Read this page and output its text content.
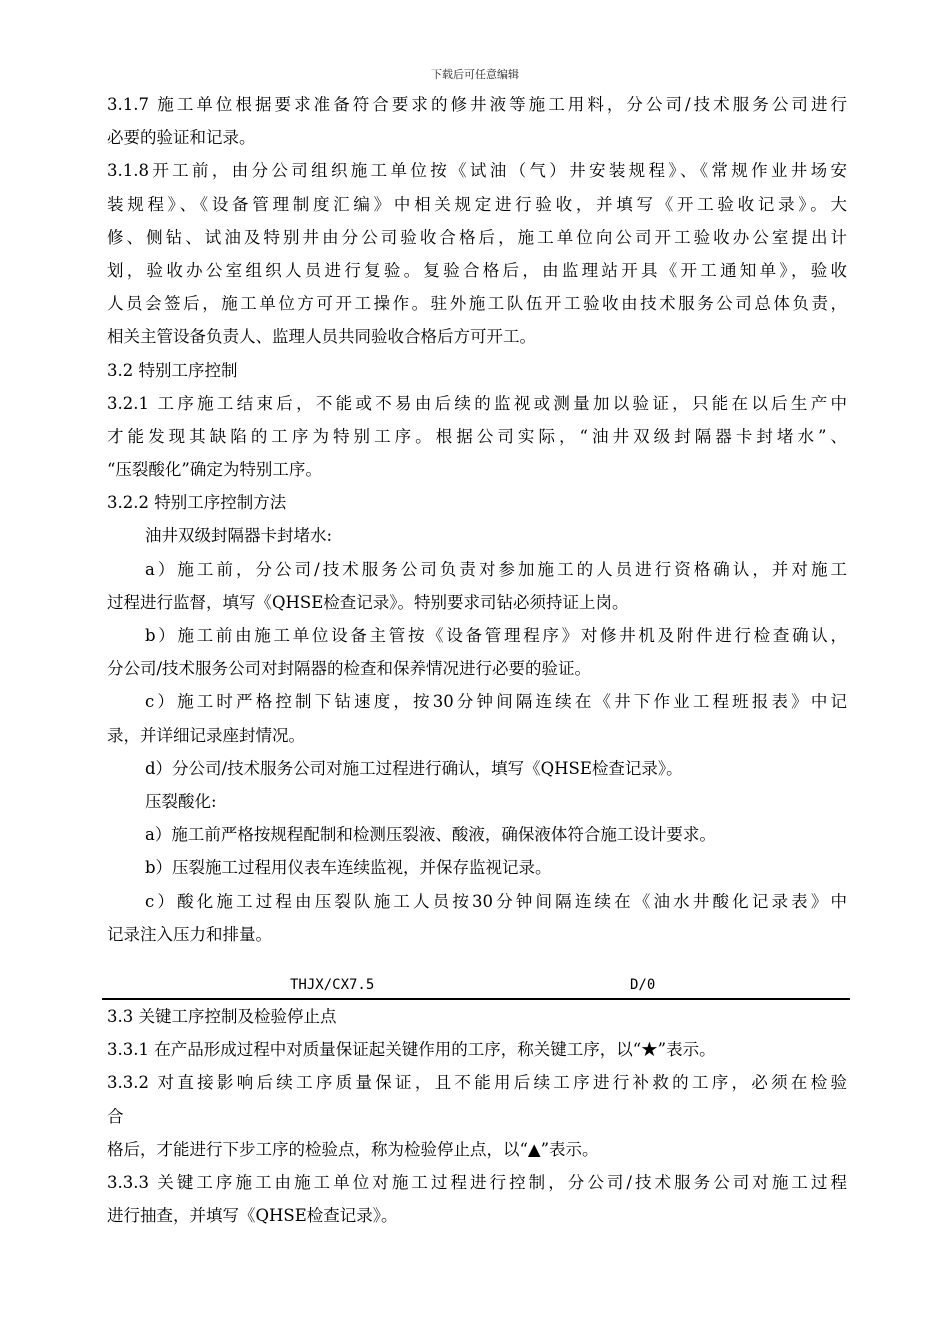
下载后可任意编辑
3.1.7 施工单位根据要求准备符合要求的修井液等施工用料，分公司/技术服务公司进行
必要的验证和记录。
3.1.8开工前，由分公司组织施工单位按《试油（气）井安装规程》、《常规作业井场安
装规程》、《设备管理制度汇编》中相关规定进行验收，并填写《开工验收记录》。大
修、侧钻、试油及特别井由分公司验收合格后，施工单位向公司开工验收办公室提出计
划，验收办公室组织人员进行复验。复验合格后，由监理站开具《开工通知单》，验收
人员会签后，施工单位方可开工操作。驻外施工队伍开工验收由技术服务公司总体负责，
相关主管设备负责人、监理人员共同验收合格后方可开工。
3.2 特别工序控制
3.2.1 工序施工结束后，不能或不易由后续的监视或测量加以验证，只能在以后生产中
才能发现其缺陷的工序为特别工序。根据公司实际，“油井双级封隔器卡封堵水”、
“压裂酸化”确定为特别工序。
3.2.2 特别工序控制方法
油井双级封隔器卡封堵水:
a）施工前，分公司/技术服务公司负责对参加施工的人员进行资格确认，并对施工
过程进行监督，填写《QHSE检查记录》。特别要求司钻必须持证上岗。
b）施工前由施工单位设备主管按《设备管理程序》对修井机及附件进行检查确认，
分公司/技术服务公司对封隔器的检查和保养情况进行必要的验证。
c）施工时严格控制下钻速度，按30分钟间隔连续在《井下作业工程班报表》中记
录，并详细记录座封情况。
d）分公司/技术服务公司对施工过程进行确认，填写《QHSE检查记录》。
压裂酸化:
a）施工前严格按规程配制和检测压裂液、酸液，确保液体符合施工设计要求。
b）压裂施工过程用仪表车连续监视，并保存监视记录。
c）酸化施工过程由压裂队施工人员按30分钟间隔连续在《油水井酸化记录表》中
记录注入压力和排量。
THJX/CX7.5	D/0
3.3 关键工序控制及检验停止点
3.3.1 在产品形成过程中对质量保证起关键作用的工序，称关键工序，以“★”表示。
3.3.2 对直接影响后续工序质量保证，且不能用后续工序进行补救的工序，必须在检验
合
格后，才能进行下步工序的检验点，称为检验停止点，以“▲”表示。
3.3.3 关键工序施工由施工单位对施工过程进行控制，分公司/技术服务公司对施工过程
进行抽查，并填写《QHSE检查记录》。
